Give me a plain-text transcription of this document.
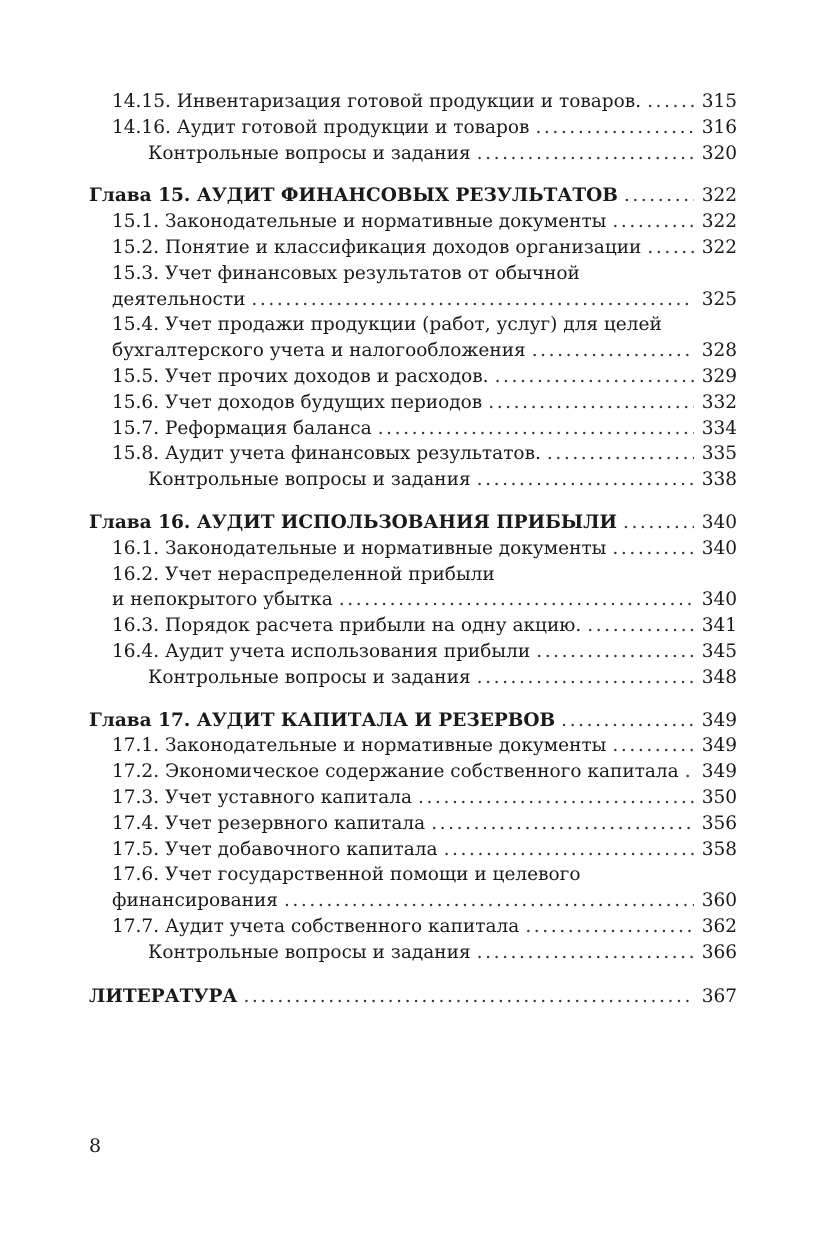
14.15. Инвентаризация готовой продукции и товаров. .....	315
14.16. Аудит готовой продукции и товаров .....	316
Контрольные вопросы и задания .....	320
Глава 15. АУДИТ ФИНАНСОВЫХ РЕЗУЛЬТАТОВ .....	322
15.1. Законодательные и нормативные документы .....	322
15.2. Понятие и классификация доходов организации .....	322
15.3. Учет финансовых результатов от обычной
деятельности .....	325
15.4. Учет продажи продукции (работ, услуг) для целей
бухгалтерского учета и налогообложения .....	328
15.5. Учет прочих доходов и расходов. .....	329
15.6. Учет доходов будущих периодов .....	332
15.7. Реформация баланса .....	334
15.8. Аудит учета финансовых результатов. .....	335
Контрольные вопросы и задания .....	338
Глава 16. АУДИТ ИСПОЛЬЗОВАНИЯ ПРИБЫЛИ .....	340
16.1. Законодательные и нормативные документы .....	340
16.2. Учет нераспределенной прибыли
и непокрытого убытка .....	340
16.3. Порядок расчета прибыли на одну акцию. .....	341
16.4. Аудит учета использования прибыли .....	345
Контрольные вопросы и задания .....	348
Глава 17. АУДИТ КАПИТАЛА И РЕЗЕРВОВ .....	349
17.1. Законодательные и нормативные документы .....	349
17.2. Экономическое содержание собственного капитала ..... 349
17.3. Учет уставного капитала .....	350
17.4. Учет резервного капитала .....	356
17.5. Учет добавочного капитала .....	358
17.6. Учет государственной помощи и целевого
финансирования .....	360
17.7. Аудит учета собственного капитала .....	362
Контрольные вопросы и задания .....	366
ЛИТЕРАТУРА .....	367
8
